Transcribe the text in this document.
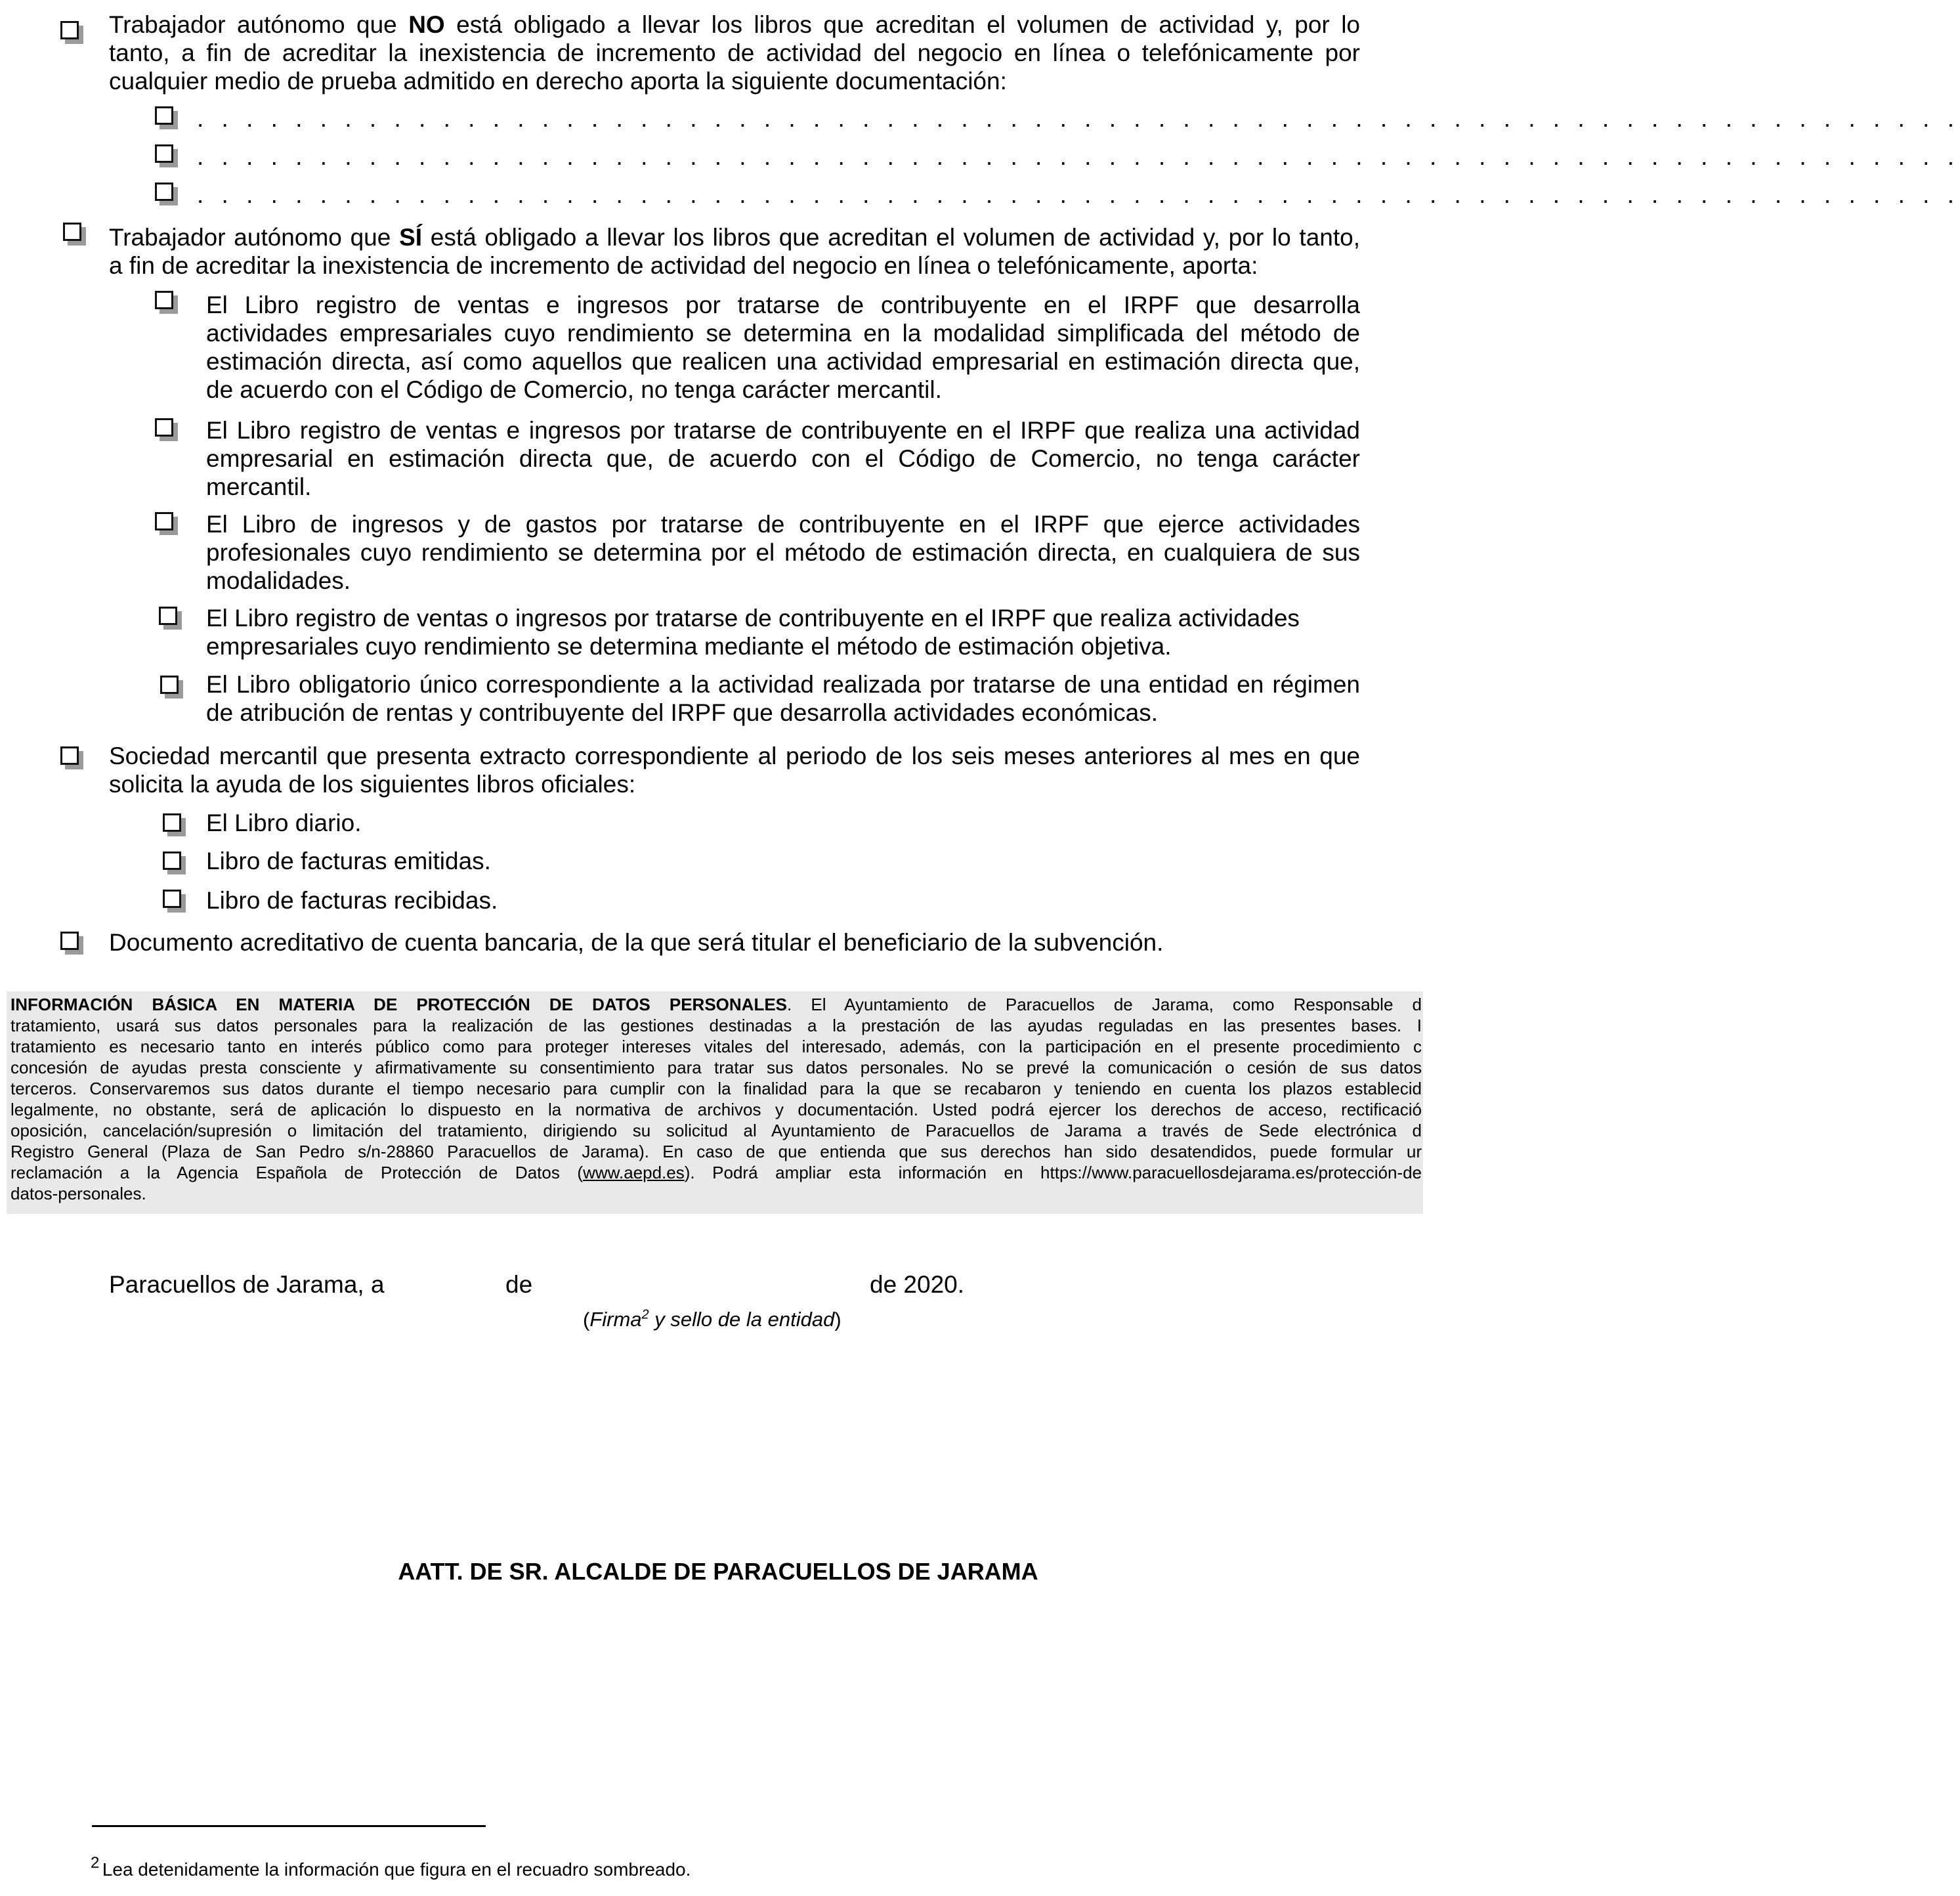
Trabajador autónomo que NO está obligado a llevar los libros que acreditan el volumen de actividad y, por lo
tanto, a fin de acreditar la inexistencia de incremento de actividad del negocio en línea o telefónicamente por
cualquier medio de prueba admitido en derecho aporta la siguiente documentación:
. . . . . . . . . . . . . . . . . . . . . . . . . . . . . . . . . . . . . . . . . . . . . . . . . . . . . . . . . . . . . . . . . . . . . . . .
. . . . . . . . . . . . . . . . . . . . . . . . . . . . . . . . . . . . . . . . . . . . . . . . . . . . . . . . . . . . . . . . . . . . . . . .
. . . . . . . . . . . . . . . . . . . . . . . . . . . . . . . . . . . . . . . . . . . . . . . . . . . . . . . . . . . . . . . . . . . . . . . .
Trabajador autónomo que SÍ está obligado a llevar los libros que acreditan el volumen de actividad y, por lo tanto,
a fin de acreditar la inexistencia de incremento de actividad del negocio en línea o telefónicamente, aporta:
El Libro registro de ventas e ingresos por tratarse de contribuyente en el IRPF que desarrolla
actividades empresariales cuyo rendimiento se determina en la modalidad simplificada del método de
estimación directa, así como aquellos que realicen una actividad empresarial en estimación directa que,
de acuerdo con el Código de Comercio, no tenga carácter mercantil.
El Libro registro de ventas e ingresos por tratarse de contribuyente en el IRPF que realiza una actividad
empresarial en estimación directa que, de acuerdo con el Código de Comercio, no tenga carácter
mercantil.
El Libro de ingresos y de gastos por tratarse de contribuyente en el IRPF que ejerce actividades
profesionales cuyo rendimiento se determina por el método de estimación directa, en cualquiera de sus
modalidades.
El Libro registro de ventas o ingresos por tratarse de contribuyente en el IRPF que realiza actividades
empresariales cuyo rendimiento se determina mediante el método de estimación objetiva.
El Libro obligatorio único correspondiente a la actividad realizada por tratarse de una entidad en régimen
de atribución de rentas y contribuyente del IRPF que desarrolla actividades económicas.
Sociedad mercantil que presenta extracto correspondiente al periodo de los seis meses anteriores al mes en que
solicita la ayuda de los siguientes libros oficiales:
El Libro diario.
Libro de facturas emitidas.
Libro de facturas recibidas.
Documento acreditativo de cuenta bancaria, de la que será titular el beneficiario de la subvención.

INFORMACIÓN BÁSICA EN MATERIA DE PROTECCIÓN DE DATOS PERSONALES. El Ayuntamiento de Paracuellos de Jarama, como Responsable d

tratamiento, usará sus datos personales para la realización de las gestiones destinadas a la prestación de las ayudas reguladas en las presentes bases. I

tratamiento es necesario tanto en interés público como para proteger intereses vitales del interesado, además, con la participación en el presente procedimiento c

concesión de ayudas presta consciente y afirmativamente su consentimiento para tratar sus datos personales. No se prevé la comunicación o cesión de sus datos

terceros. Conservaremos sus datos durante el tiempo necesario para cumplir con la finalidad para la que se recabaron y teniendo en cuenta los plazos establecid

legalmente, no obstante, será de aplicación lo dispuesto en la normativa de archivos y documentación. Usted podrá ejercer los derechos de acceso, rectificació

oposición, cancelación/supresión o limitación del tratamiento, dirigiendo su solicitud al Ayuntamiento de Paracuellos de Jarama a través de Sede electrónica d

Registro General (Plaza de San Pedro s/n-28860 Paracuellos de Jarama). En caso de que entienda que sus derechos han sido desatendidos, puede formular ur

reclamación a la Agencia Española de Protección de Datos (www.aepd.es). Podrá ampliar esta información en https://www.paracuellosdejarama.es/protección-de

datos-personales.

Paracuellos de Jarama, a	de	de 2020.
(Firma$^2$ y sello de la entidad)
AATT. DE SR. ALCALDE DE PARACUELLOS DE JARAMA
2 Lea detenidamente la información que figura en el recuadro sombreado.
